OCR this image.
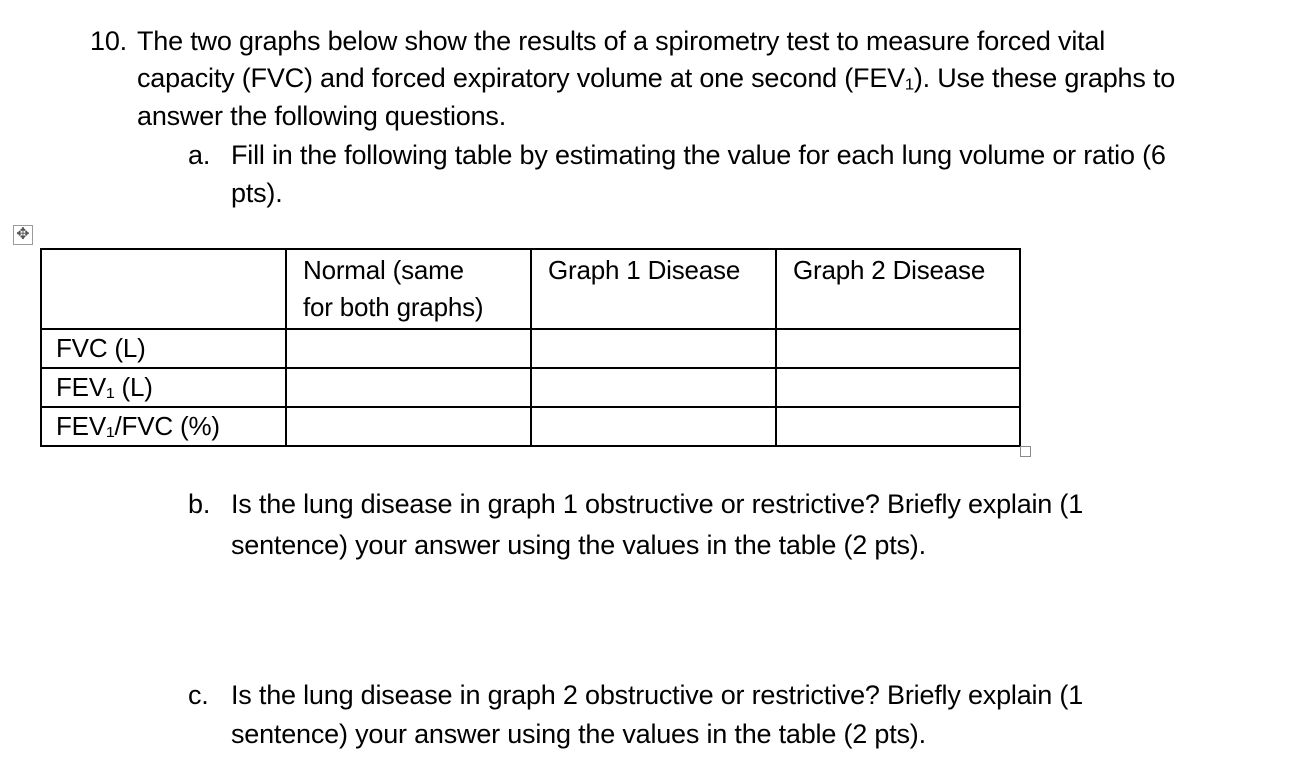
10. The two graphs below show the results of a spirometry test to measure forced vital
capacity (FVC) and forced expiratory volume at one second (FEV₁). Use these graphs to
answer the following questions.
a. Fill in the following table by estimating the value for each lung volume or ratio (6
pts).
✥

	Normal (same
for both graphs)	Graph 1 Disease	Graph 2 Disease

FVC (L)			
FEV₁ (L)			
FEV₁/FVC (%)			
b. Is the lung disease in graph 1 obstructive or restrictive? Briefly explain (1
sentence) your answer using the values in the table (2 pts).
c. Is the lung disease in graph 2 obstructive or restrictive? Briefly explain (1
sentence) your answer using the values in the table (2 pts).
